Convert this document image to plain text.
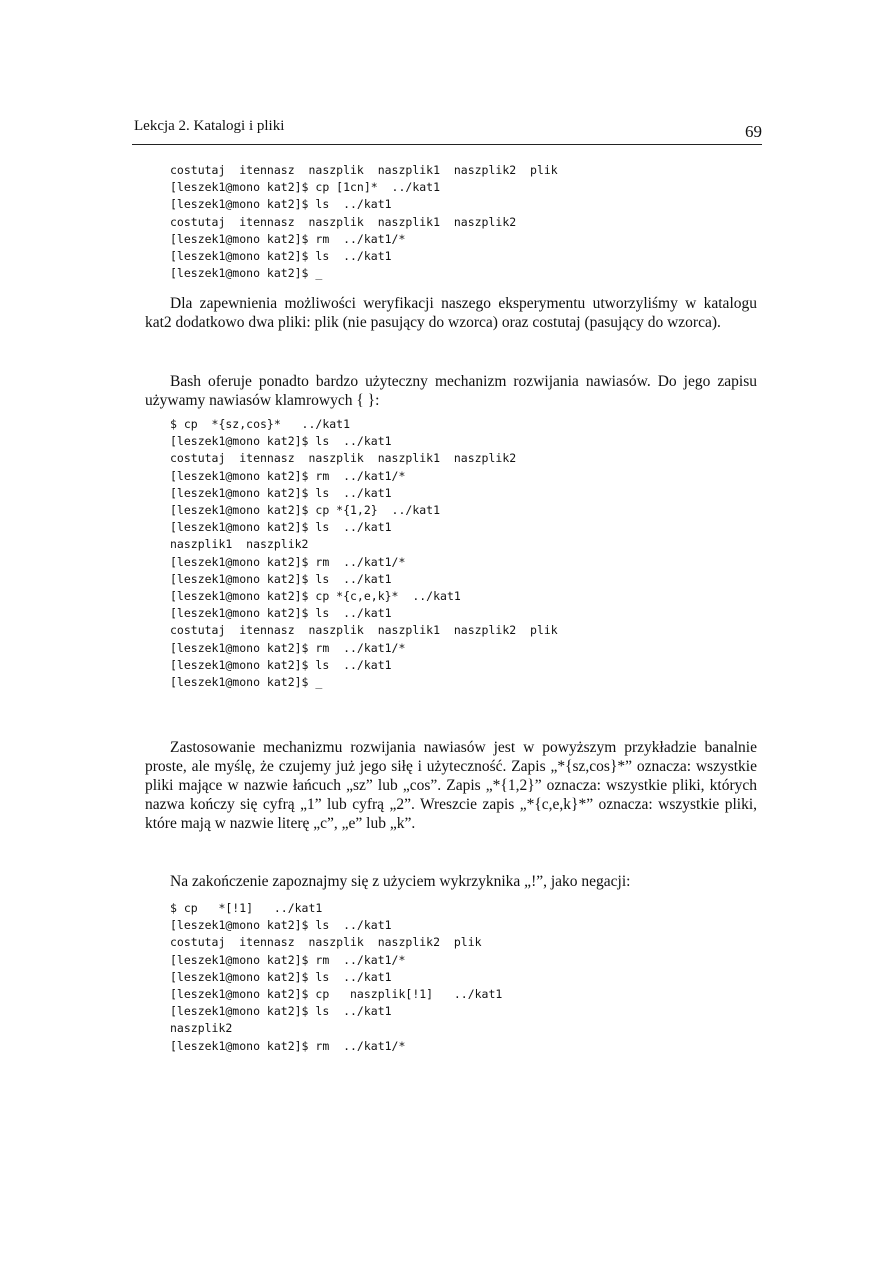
Lekcja 2. Katalogi i pliki	69
costutaj  itennasz  naszplik  naszplik1  naszplik2  plik
[leszek1@mono kat2]$ cp [1cn]*  ../kat1
[leszek1@mono kat2]$ ls  ../kat1
costutaj  itennasz  naszplik  naszplik1  naszplik2
[leszek1@mono kat2]$ rm  ../kat1/*
[leszek1@mono kat2]$ ls  ../kat1
[leszek1@mono kat2]$ _

Dla zapewnienia możliwości weryfikacji naszego eksperymentu utworzyliśmy w katalogu kat2 dodatkowo dwa pliki: plik (nie pasujący do wzorca) oraz costutaj (pasujący do wzorca).

Bash oferuje ponadto bardzo użyteczny mechanizm rozwijania nawiasów. Do jego zapisu używamy nawiasów klamrowych { }:

$ cp  *{sz,cos}*   ../kat1
[leszek1@mono kat2]$ ls  ../kat1
costutaj  itennasz  naszplik  naszplik1  naszplik2
[leszek1@mono kat2]$ rm  ../kat1/*
[leszek1@mono kat2]$ ls  ../kat1
[leszek1@mono kat2]$ cp *{1,2}  ../kat1
[leszek1@mono kat2]$ ls  ../kat1
naszplik1  naszplik2
[leszek1@mono kat2]$ rm  ../kat1/*
[leszek1@mono kat2]$ ls  ../kat1
[leszek1@mono kat2]$ cp *{c,e,k}*  ../kat1
[leszek1@mono kat2]$ ls  ../kat1
costutaj  itennasz  naszplik  naszplik1  naszplik2  plik
[leszek1@mono kat2]$ rm  ../kat1/*
[leszek1@mono kat2]$ ls  ../kat1
[leszek1@mono kat2]$ _

Zastosowanie mechanizmu rozwijania nawiasów jest w powyższym przykładzie banalnie proste, ale myślę, że czujemy już jego siłę i użyteczność. Zapis „*{sz,cos}*” oznacza: wszystkie pliki mające w nazwie łańcuch „sz” lub „cos”. Zapis „*{1,2}” oznacza: wszystkie pliki, których nazwa kończy się cyfrą „1” lub cyfrą „2”. Wreszcie zapis „*{c,e,k}*” oznacza: wszystkie pliki, które mają w nazwie literę „c”, „e” lub „k”.

Na zakończenie zapoznajmy się z użyciem wykrzyknika „!”, jako negacji:

$ cp   *[!1]   ../kat1
[leszek1@mono kat2]$ ls  ../kat1
costutaj  itennasz  naszplik  naszplik2  plik
[leszek1@mono kat2]$ rm  ../kat1/*
[leszek1@mono kat2]$ ls  ../kat1
[leszek1@mono kat2]$ cp   naszplik[!1]   ../kat1
[leszek1@mono kat2]$ ls  ../kat1
naszplik2
[leszek1@mono kat2]$ rm  ../kat1/*
